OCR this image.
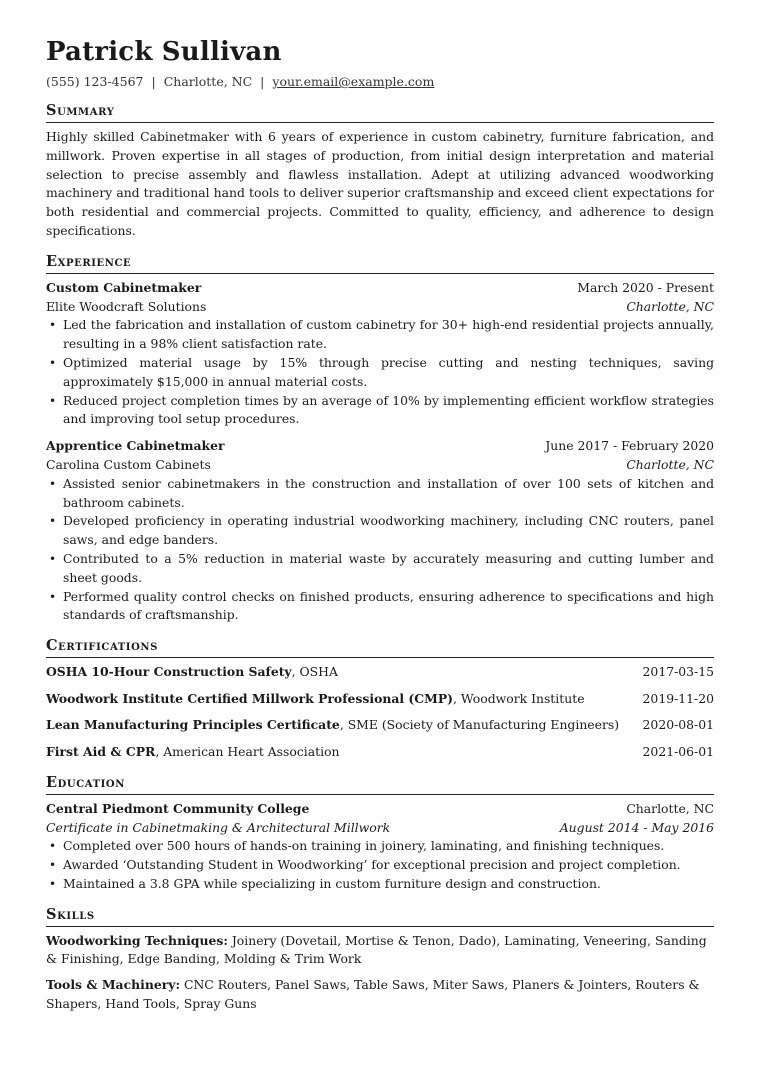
Patrick Sullivan
(555) 123-4567 | Charlotte, NC | your.email@example.com
Summary

Highly skilled Cabinetmaker with 6 years of experience in custom cabinetry, furniture fabrication, and millwork. Proven expertise in all stages of production, from initial design interpretation and material selection to precise assembly and flawless installation. Adept at utilizing advanced woodworking machinery and traditional hand tools to deliver superior craftsmanship and exceed client expectations for both residential and commercial projects. Committed to quality, efficiency, and adherence to design specifications.

Experience
Custom Cabinetmaker	March 2020 - Present
Elite Woodcraft Solutions	Charlotte, NC
• Led the fabrication and installation of custom cabinetry for 30+ high-end residential projects annually, resulting in a 98% client satisfaction rate.
• Optimized material usage by 15% through precise cutting and nesting techniques, saving approximately $15,000 in annual material costs.
• Reduced project completion times by an average of 10% by implementing efficient workflow strategies and improving tool setup procedures.
Apprentice Cabinetmaker	June 2017 - February 2020
Carolina Custom Cabinets	Charlotte, NC
• Assisted senior cabinetmakers in the construction and installation of over 100 sets of kitchen and bathroom cabinets.
• Developed proficiency in operating industrial woodworking machinery, including CNC routers, panel saws, and edge banders.
• Contributed to a 5% reduction in material waste by accurately measuring and cutting lumber and sheet goods.
• Performed quality control checks on finished products, ensuring adherence to specifications and high standards of craftsmanship.
Certifications
OSHA 10-Hour Construction Safety, OSHA	2017-03-15
Woodwork Institute Certified Millwork Professional (CMP), Woodwork Institute	2019-11-20
Lean Manufacturing Principles Certificate, SME (Society of Manufacturing Engineers) 2020-08-01
First Aid & CPR, American Heart Association	2021-06-01
Education
Central Piedmont Community College	Charlotte, NC
Certificate in Cabinetmaking & Architectural Millwork	August 2014 - May 2016
• Completed over 500 hours of hands-on training in joinery, laminating, and finishing techniques.
• Awarded ‘Outstanding Student in Woodworking’ for exceptional precision and project completion.
• Maintained a 3.8 GPA while specializing in custom furniture design and construction.
Skills
Woodworking Techniques: Joinery (Dovetail, Mortise & Tenon, Dado), Laminating, Veneering, Sanding & Finishing, Edge Banding, Molding & Trim Work
Tools & Machinery: CNC Routers, Panel Saws, Table Saws, Miter Saws, Planers & Jointers, Routers & Shapers, Hand Tools, Spray Guns
